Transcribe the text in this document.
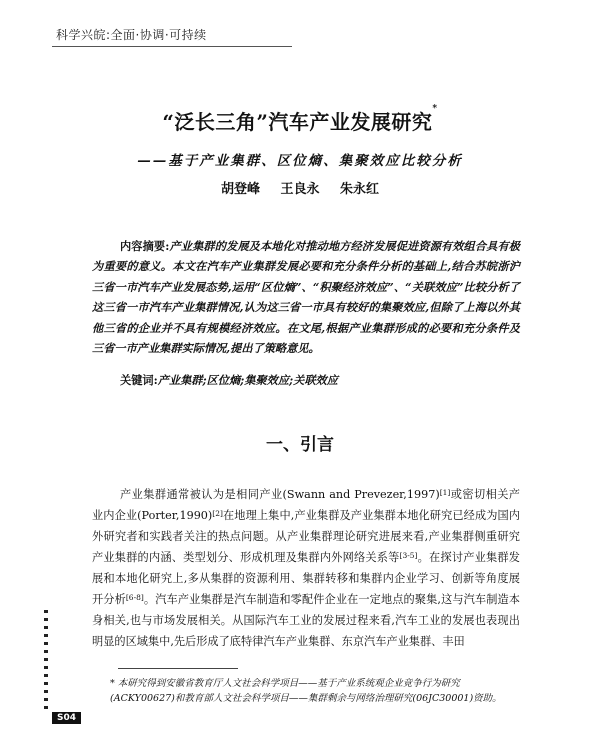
科学兴皖:全面·协调·可持续
“泛长三角”汽车产业发展研究*
——基于产业集群、区位熵、集聚效应比较分析
胡登峰 王良永 朱永红
内容摘要:产业集群的发展及本地化对推动地方经济发展促进资源有效组合具有极为重要的意义。本文在汽车产业集群发展必要和充分条件分析的基础上,结合苏皖浙沪三省一市汽车产业发展态势,运用“区位熵”、“积聚经济效应”、“关联效应”比较分析了这三省一市汽车产业集群情况,认为这三省一市具有较好的集聚效应,但除了上海以外其他三省的企业并不具有规模经济效应。在文尾,根据产业集群形成的必要和充分条件及三省一市产业集群实际情况,提出了策略意见。
关键词:产业集群;区位熵;集聚效应;关联效应
一、引言
产业集群通常被认为是相同产业(Swann and Prevezer,1997)[1]或密切相关产业内企业(Porter,1990)[2]在地理上集中,产业集群及产业集群本地化研究已经成为国内外研究者和实践者关注的热点问题。从产业集群理论研究进展来看,产业集群侧重研究产业集群的内涵、类型划分、形成机理及集群内外网络关系等[3-5]。在探讨产业集群发展和本地化研究上,多从集群的资源利用、集群转移和集群内企业学习、创新等角度展开分析[6-8]。汽车产业集群是汽车制造和零配件企业在一定地点的聚集,这与汽车制造本身相关,也与市场发展相关。从国际汽车工业的发展过程来看,汽车工业的发展也表现出明显的区域集中,先后形成了底特律汽车产业集群、东京汽车产业集群、丰田
* 本研究得到安徽省教育厅人文社会科学项目——基于产业系统观企业竞争行为研究(ACKY00627)和教育部人文社会科学项目——集群剩余与网络治理研究(06JC30001)资助。
S04
